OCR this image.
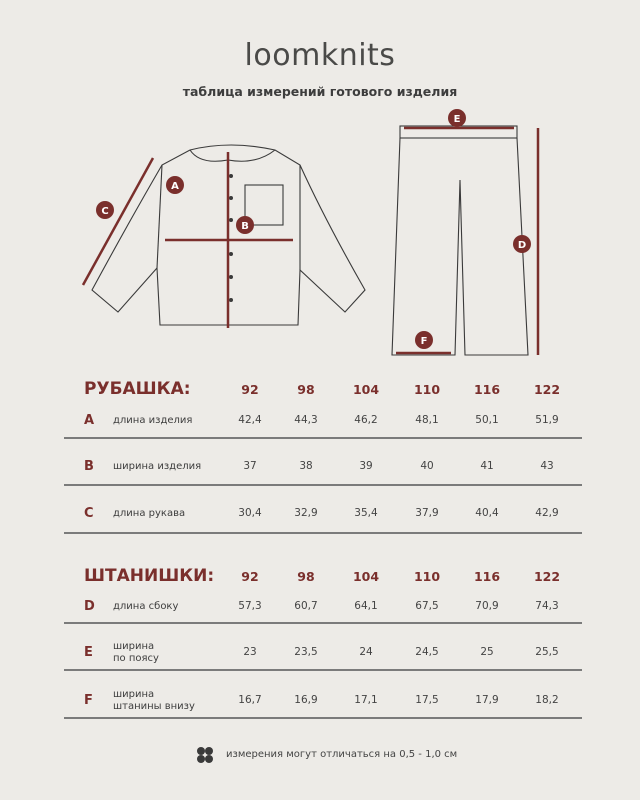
loomknits
таблица измерений готового изделия
A
B
C
D
E
F
РУБАШКА:	92	98	104	110	116	122
A длина изделия	42,4	44,3	46,2	48,1	50,1	51,9
B ширина изделия	37	38	39	40	41	43
C длина рукава	30,4	32,9	35,4	37,9	40,4	42,9
ШТАНИШКИ:	92	98	104	110	116	122
D длина сбоку	57,3	60,7	64,1	67,5	70,9	74,3
E ширина
по поясу
23	23,5	24	24,5	25	25,5
F ширина
штанины внизу
16,7	16,9	17,1	17,5	17,9	18,2
измерения могут отличаться на 0,5 - 1,0 см
